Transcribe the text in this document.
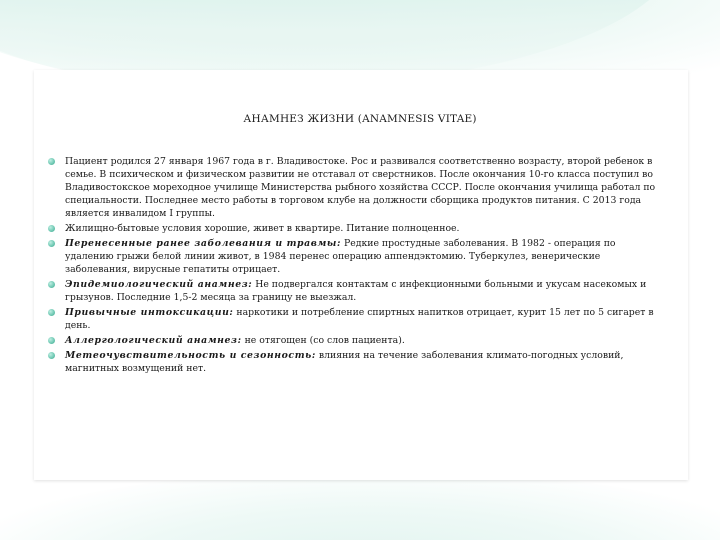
АНАМНЕЗ ЖИЗНИ (ANAMNESIS VITAE)
Пациент родился 27 января 1967 года в г. Владивостоке. Рос и развивался соответственно возрасту, второй ребенок в семье. В психическом и физическом развитии не отставал от сверстников. После окончания 10-го класса поступил во Владивостокское мореходное училище Министерства рыбного хозяйства СССР. После окончания училища работал по специальности. Последнее место работы в торговом клубе на должности сборщика продуктов питания. С 2013 года является инвалидом I группы.
Жилищно-бытовые условия хорошие, живет в квартире. Питание полноценное.
Перенесенные ранее заболевания и травмы: Редкие простудные заболевания. В 1982 - операция по удалению грыжи белой линии живот, в 1984 перенес операцию аппендэктомию. Туберкулез, венерические заболевания, вирусные гепатиты отрицает.
Эпидемиологический анамнез: Не подвергался контактам с инфекционными больными и укусам насекомых и грызунов. Последние 1,5-2 месяца за границу не выезжал.
Привычные интоксикации: наркотики и потребление спиртных напитков отрицает, курит 15 лет по 5 сигарет в день.
Аллергологический анамнез: не отягощен (со слов пациента).
Метеочувствительность и сезонность: влияния на течение заболевания климато-погодных условий, магнитных возмущений нет.
